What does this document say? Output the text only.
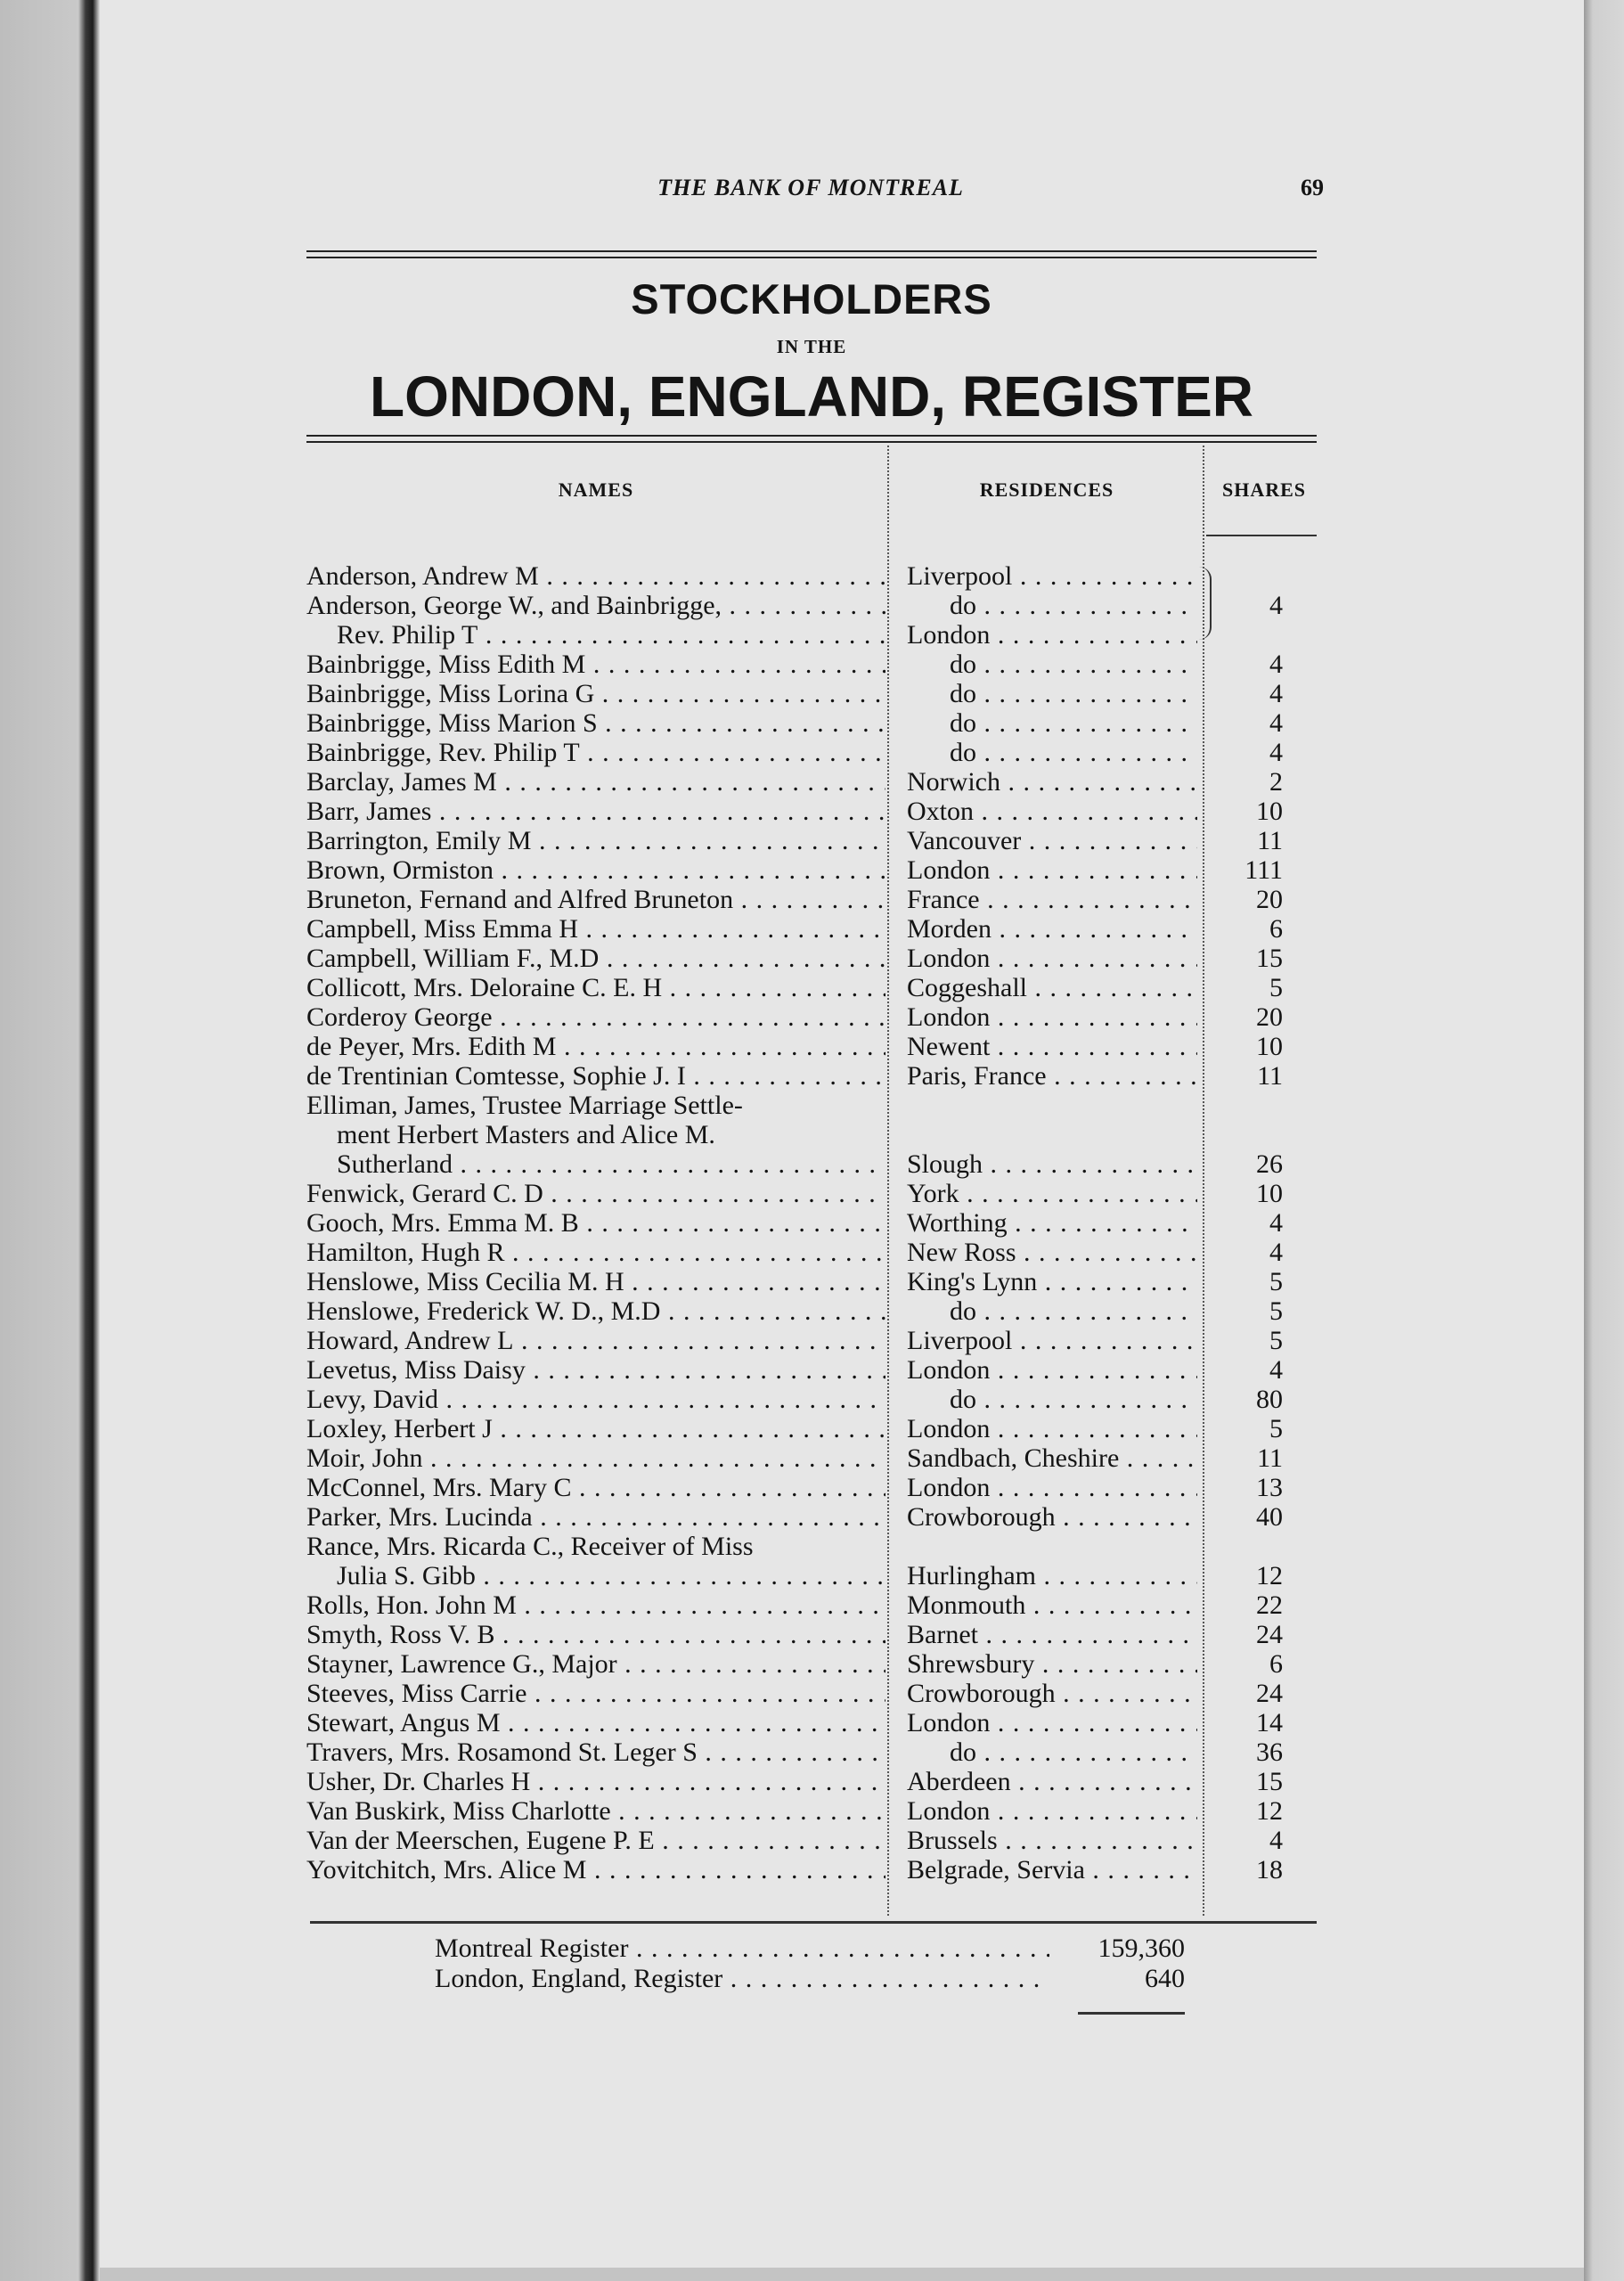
THE BANK OF MONTREAL	69
STOCKHOLDERS
IN THE
LONDON, ENGLAND, REGISTER
NAMES	RESIDENCES	SHARES
Anderson, Andrew M . . .	Liverpool . . .
Anderson, George W., and Bainbrigge, . . .	do . . .	4
Rev. Philip T . . .	London . . .
Bainbrigge, Miss Edith M . . .	do . . .	4
Bainbrigge, Miss Lorina G . . .	do . . .	4
Bainbrigge, Miss Marion S . . .	do . . .	4
Bainbrigge, Rev. Philip T . . .	do . . .	4
Barclay, James M . . .	Norwich . . .	2
Barr, James . . .	Oxton . . .	10
Barrington, Emily M . . .	Vancouver . . .	11
Brown, Ormiston . . .	London . . .	111
Bruneton, Fernand and Alfred Bruneton . . .	France . . .	20
Campbell, Miss Emma H . . .	Morden . . .	6
Campbell, William F., M.D . . .	London . . .	15
Collicott, Mrs. Deloraine C. E. H . . .	Coggeshall . . .	5
Corderoy George . . .	London . . .	20
de Peyer, Mrs. Edith M . . .	Newent . . .	10
de Trentinian Comtesse, Sophie J. I . . .	Paris, France . . .	11
Elliman, James, Trustee Marriage Settle-
ment Herbert Masters and Alice M.
Sutherland . . .	Slough . . .	26
Fenwick, Gerard C. D . . .	York . . .	10
Gooch, Mrs. Emma M. B . . .	Worthing . . .	4
Hamilton, Hugh R . . .	New Ross . . .	4
Henslowe, Miss Cecilia M. H . . .	King's Lynn . . .	5
Henslowe, Frederick W. D., M.D . . .	do . . .	5
Howard, Andrew L . . .	Liverpool . . .	5
Levetus, Miss Daisy . . .	London . . .	4
Levy, David . . .	do . . .	80
Loxley, Herbert J . . .	London . . .	5
Moir, John . . .	Sandbach, Cheshire . . .	11
McConnel, Mrs. Mary C . . .	London . . .	13
Parker, Mrs. Lucinda . . .	Crowborough . . .	40
Rance, Mrs. Ricarda C., Receiver of Miss
Julia S. Gibb . . .	Hurlingham . . .	12
Rolls, Hon. John M . . .	Monmouth . . .	22
Smyth, Ross V. B . . .	Barnet . . .	24
Stayner, Lawrence G., Major . . .	Shrewsbury . . .	6
Steeves, Miss Carrie . . .	Crowborough . . .	24
Stewart, Angus M . . .	London . . .	14
Travers, Mrs. Rosamond St. Leger S . . .	do . . .	36
Usher, Dr. Charles H . . .	Aberdeen . . .	15
Van Buskirk, Miss Charlotte . . .	London . . .	12
Van der Meerschen, Eugene P. E . . .	Brussels . . .	4
Yovitchitch, Mrs. Alice M . . .	Belgrade, Servia . . .	18
Montreal Register . . .	159,360
London, England, Register . . .	640
